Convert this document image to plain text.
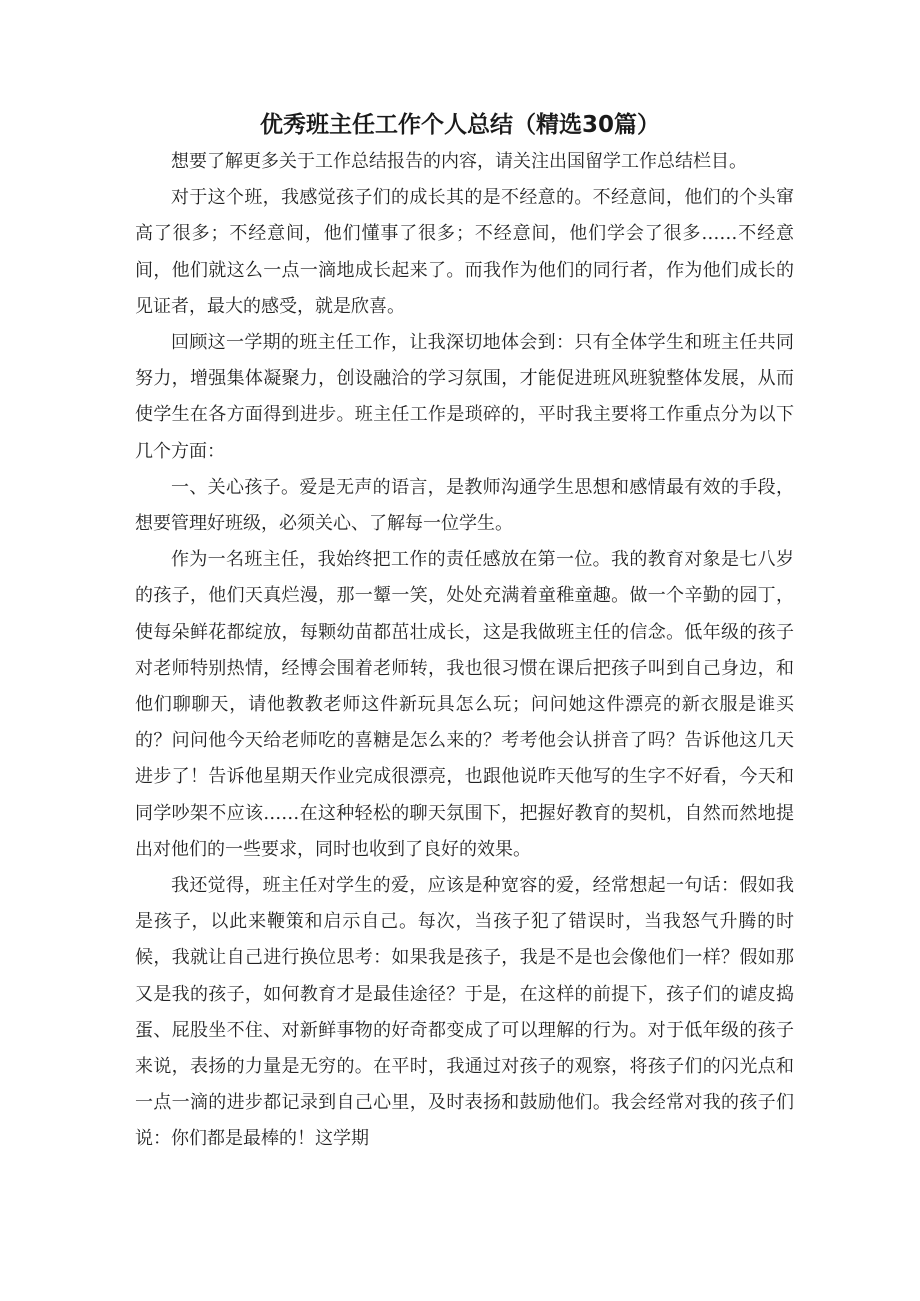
优秀班主任工作个人总结（精选30篇）

想要了解更多关于工作总结报告的内容，请关注出国留学工作总结栏目。

对于这个班，我感觉孩子们的成长其的是不经意的。不经意间，他们的个头窜高了很多；不经意间，他们懂事了很多；不经意间，他们学会了很多……不经意间，他们就这么一点一滴地成长起来了。而我作为他们的同行者，作为他们成长的见证者，最大的感受，就是欣喜。

回顾这一学期的班主任工作，让我深切地体会到：只有全体学生和班主任共同努力，增强集体凝聚力，创设融洽的学习氛围，才能促进班风班貌整体发展，从而使学生在各方面得到进步。班主任工作是琐碎的，平时我主要将工作重点分为以下几个方面：

一、关心孩子。爱是无声的语言，是教师沟通学生思想和感情最有效的手段，想要管理好班级，必须关心、了解每一位学生。

作为一名班主任，我始终把工作的责任感放在第一位。我的教育对象是七八岁的孩子，他们天真烂漫，那一颦一笑，处处充满着童稚童趣。做一个辛勤的园丁，使每朵鲜花都绽放，每颗幼苗都茁壮成长，这是我做班主任的信念。低年级的孩子对老师特别热情，经博会围着老师转，我也很习惯在课后把孩子叫到自己身边，和他们聊聊天，请他教教老师这件新玩具怎么玩；问问她这件漂亮的新衣服是谁买的？问问他今天给老师吃的喜糖是怎么来的？考考他会认拼音了吗？告诉他这几天进步了！告诉他星期天作业完成很漂亮，也跟他说昨天他写的生字不好看，今天和同学吵架不应该……在这种轻松的聊天氛围下，把握好教育的契机，自然而然地提出对他们的一些要求，同时也收到了良好的效果。

我还觉得，班主任对学生的爱，应该是种宽容的爱，经常想起一句话：假如我是孩子，以此来鞭策和启示自己。每次，当孩子犯了错误时，当我怒气升腾的时候，我就让自己进行换位思考：如果我是孩子，我是不是也会像他们一样？假如那又是我的孩子，如何教育才是最佳途径？于是，在这样的前提下，孩子们的谑皮捣蛋、屁股坐不住、对新鲜事物的好奇都变成了可以理解的行为。对于低年级的孩子来说，表扬的力量是无穷的。在平时，我通过对孩子的观察，将孩子们的闪光点和一点一滴的进步都记录到自己心里，及时表扬和鼓励他们。我会经常对我的孩子们说：你们都是最棒的！这学期
